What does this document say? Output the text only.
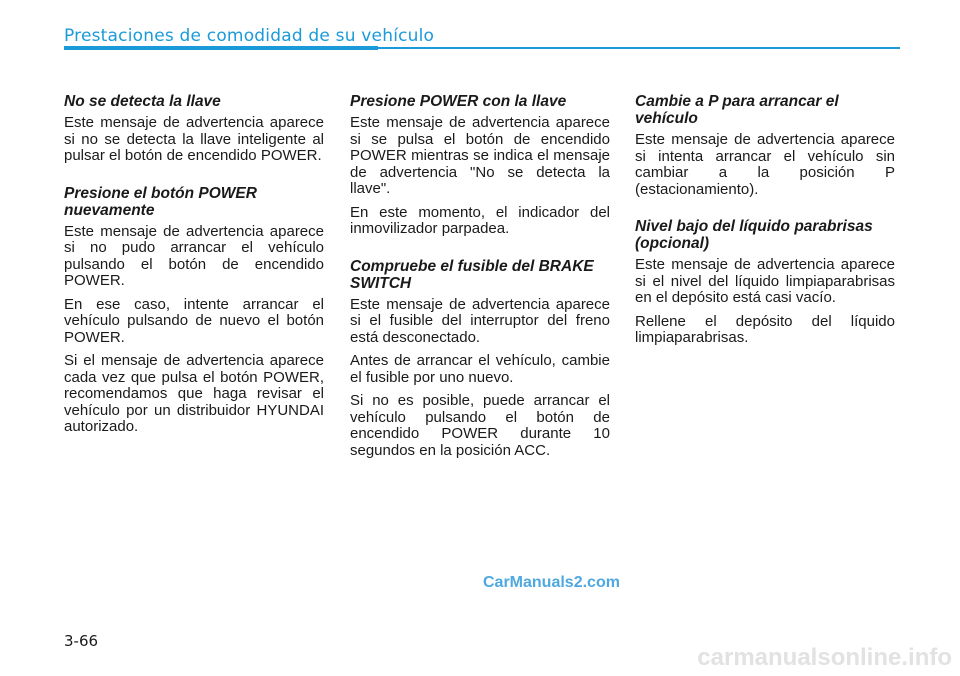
Prestaciones de comodidad de su vehículo
No se detecta la llave

Este mensaje de advertencia aparece si no se detecta la llave inteligente al pulsar el botón de encendido POWER.

Presione el botón POWER nuevamente

Este mensaje de advertencia aparece si no pudo arrancar el vehículo pulsando el botón de encendido POWER.

En ese caso, intente arrancar el vehículo pulsando de nuevo el botón POWER.

Si el mensaje de advertencia aparece cada vez que pulsa el botón POWER, recomendamos que haga revisar el vehículo por un distribuidor HYUNDAI autorizado.

Presione POWER con la llave

Este mensaje de advertencia aparece si se pulsa el botón de encendido POWER mientras se indica el mensaje de advertencia "No se detecta la llave".

En este momento, el indicador del inmovilizador parpadea.

Compruebe el fusible del BRAKE SWITCH

Este mensaje de advertencia aparece si el fusible del interruptor del freno está desconectado.

Antes de arrancar el vehículo, cambie el fusible por uno nuevo.

Si no es posible, puede arrancar el vehículo pulsando el botón de encendido POWER durante 10 segundos en la posición ACC.

Cambie a P para arrancar el vehículo

Este mensaje de advertencia aparece si intenta arrancar el vehículo sin cambiar a la posición P (estacionamiento).

Nivel bajo del líquido parabrisas (opcional)

Este mensaje de advertencia aparece si el nivel del líquido limpiaparabrisas en el depósito está casi vacío.

Rellene el depósito del líquido limpiaparabrisas.

CarManuals2.com
3-66
carmanualsonline.info
